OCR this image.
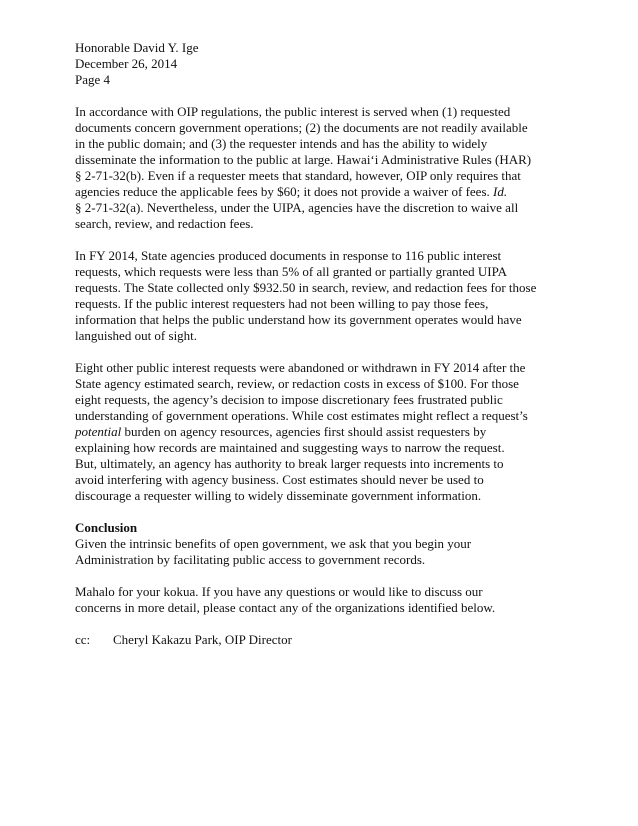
Honorable David Y. Ige
December 26, 2014
Page 4

In accordance with OIP regulations, the public interest is served when (1) requested
documents concern government operations; (2) the documents are not readily available
in the public domain; and (3) the requester intends and has the ability to widely
disseminate the information to the public at large. Hawai‘i Administrative Rules (HAR)
§ 2-71-32(b). Even if a requester meets that standard, however, OIP only requires that
agencies reduce the applicable fees by $60; it does not provide a waiver of fees. Id.
§ 2-71-32(a). Nevertheless, under the UIPA, agencies have the discretion to waive all
search, review, and redaction fees.

In FY 2014, State agencies produced documents in response to 116 public interest
requests, which requests were less than 5% of all granted or partially granted UIPA
requests. The State collected only $932.50 in search, review, and redaction fees for those
requests. If the public interest requesters had not been willing to pay those fees,
information that helps the public understand how its government operates would have
languished out of sight.

Eight other public interest requests were abandoned or withdrawn in FY 2014 after the
State agency estimated search, review, or redaction costs in excess of $100. For those
eight requests, the agency’s decision to impose discretionary fees frustrated public
understanding of government operations. While cost estimates might reflect a request’s
potential burden on agency resources, agencies first should assist requesters by
explaining how records are maintained and suggesting ways to narrow the request.
But, ultimately, an agency has authority to break larger requests into increments to
avoid interfering with agency business. Cost estimates should never be used to
discourage a requester willing to widely disseminate government information.

Conclusion
Given the intrinsic benefits of open government, we ask that you begin your
Administration by facilitating public access to government records.

Mahalo for your kokua. If you have any questions or would like to discuss our
concerns in more detail, please contact any of the organizations identified below.

cc:	Cheryl Kakazu Park, OIP Director
